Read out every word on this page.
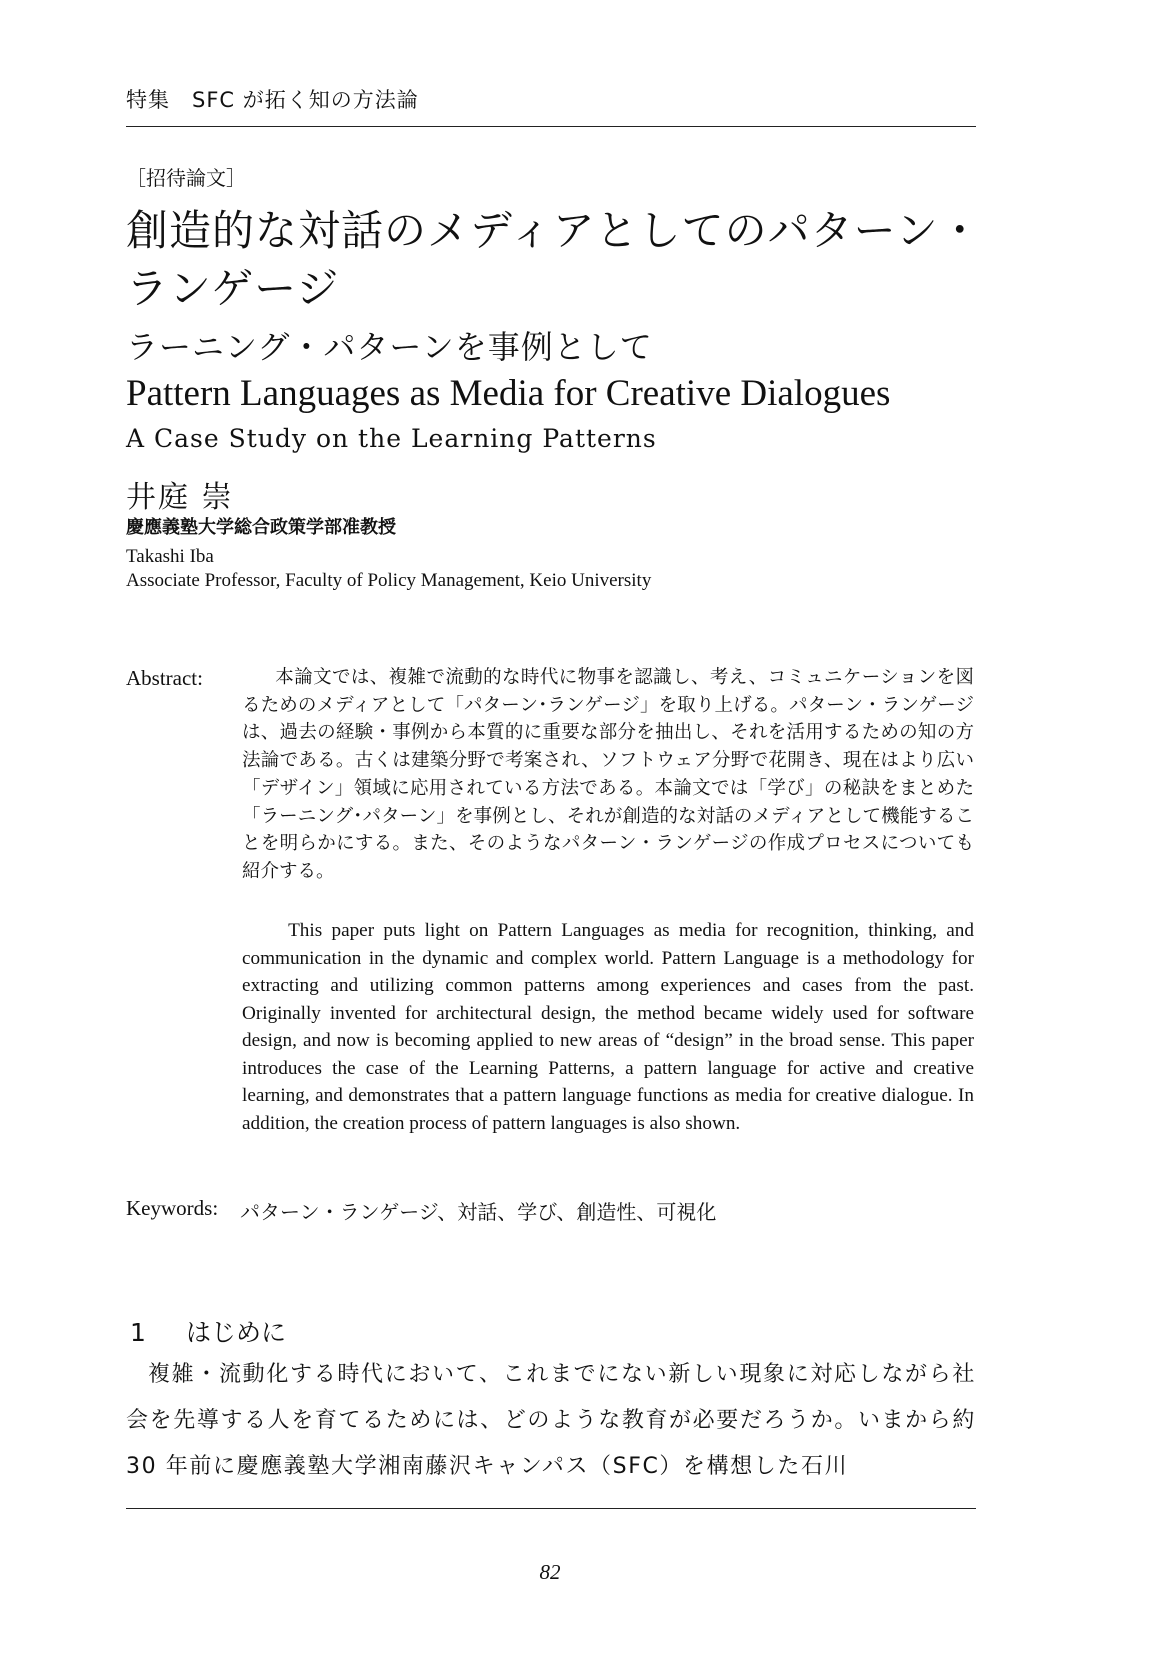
特集　SFC が拓く知の方法論
［招待論文］
創造的な対話のメディアとしてのパターン・
ランゲージ
ラーニング・パターンを事例として
Pattern Languages as Media for Creative Dialogues
A Case Study on the Learning Patterns
井庭 崇
慶應義塾大学総合政策学部准教授
Takashi Iba
Associate Professor, Faculty of Policy Management, Keio University
Abstract:	本論文では、複雑で流動的な時代に物事を認識し、考え、コミュニケーションを図るためのメディアとして「パターン･ランゲージ」を取り上げる。パターン・ランゲージは、過去の経験・事例から本質的に重要な部分を抽出し、それを活用するための知の方法論である。古くは建築分野で考案され、ソフトウェア分野で花開き、現在はより広い「デザイン」領域に応用されている方法である。本論文では「学び」の秘訣をまとめた「ラーニング･パターン」を事例とし、それが創造的な対話のメディアとして機能することを明らかにする。また、そのようなパターン・ランゲージの作成プロセスについても紹介する。
This paper puts light on Pattern Languages as media for recognition, thinking, and communication in the dynamic and complex world. Pattern Language is a methodology for extracting and utilizing common patterns among experiences and cases from the past. Originally invented for architectural design, the method became widely used for software design, and now is becoming applied to new areas of “design” in the broad sense. This paper introduces the case of the Learning Patterns, a pattern language for active and creative learning, and demonstrates that a pattern language functions as media for creative dialogue. In addition, the creation process of pattern languages is also shown.
Keywords: パターン・ランゲージ、対話、学び、創造性、可視化
1 はじめに
複雑・流動化する時代において、これまでにない新しい現象に対応しながら社会を先導する人を育てるためには、どのような教育が必要だろうか。いまから約 30 年前に慶應義塾大学湘南藤沢キャンパス（SFC）を構想した石川
82
